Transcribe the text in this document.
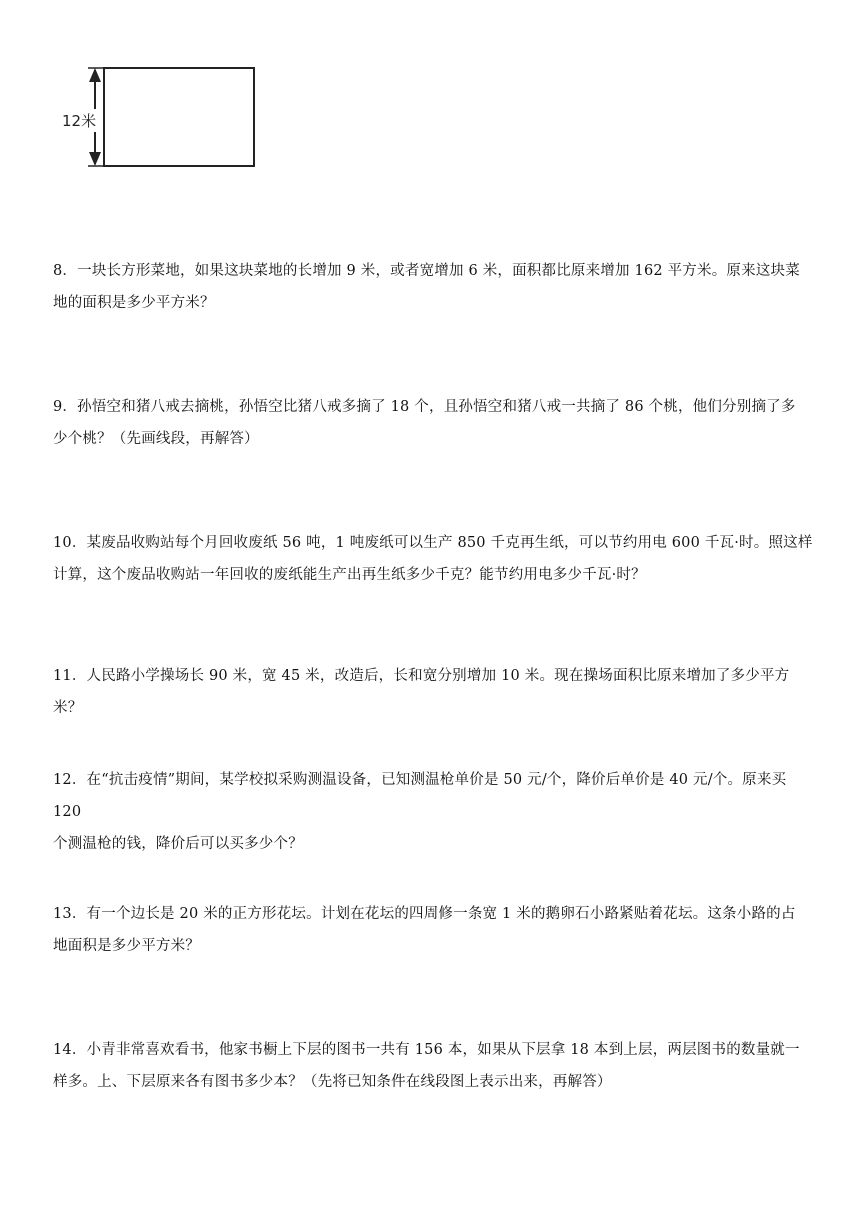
12米

8．一块长方形菜地，如果这块菜地的长增加 9 米，或者宽增加 6 米，面积都比原来增加 162 平方米。原来这块菜

地的面积是多少平方米？

9．孙悟空和猪八戒去摘桃，孙悟空比猪八戒多摘了 18 个，且孙悟空和猪八戒一共摘了 86 个桃，他们分别摘了多

少个桃？（先画线段，再解答）

10．某废品收购站每个月回收废纸 56 吨，1 吨废纸可以生产 850 千克再生纸，可以节约用电 600 千瓦·时。照这样

计算，这个废品收购站一年回收的废纸能生产出再生纸多少千克？能节约用电多少千瓦·时？

11．人民路小学操场长 90 米，宽 45 米，改造后，长和宽分别增加 10 米。现在操场面积比原来增加了多少平方米？

12．在“抗击疫情”期间，某学校拟采购测温设备，已知测温枪单价是 50 元/个，降价后单价是 40 元/个。原来买 120

个测温枪的钱，降价后可以买多少个？

13．有一个边长是 20 米的正方形花坛。计划在花坛的四周修一条宽 1 米的鹅卵石小路紧贴着花坛。这条小路的占

地面积是多少平方米？

14．小青非常喜欢看书，他家书橱上下层的图书一共有 156 本，如果从下层拿 18 本到上层，两层图书的数量就一

样多。上、下层原来各有图书多少本？（先将已知条件在线段图上表示出来，再解答）
